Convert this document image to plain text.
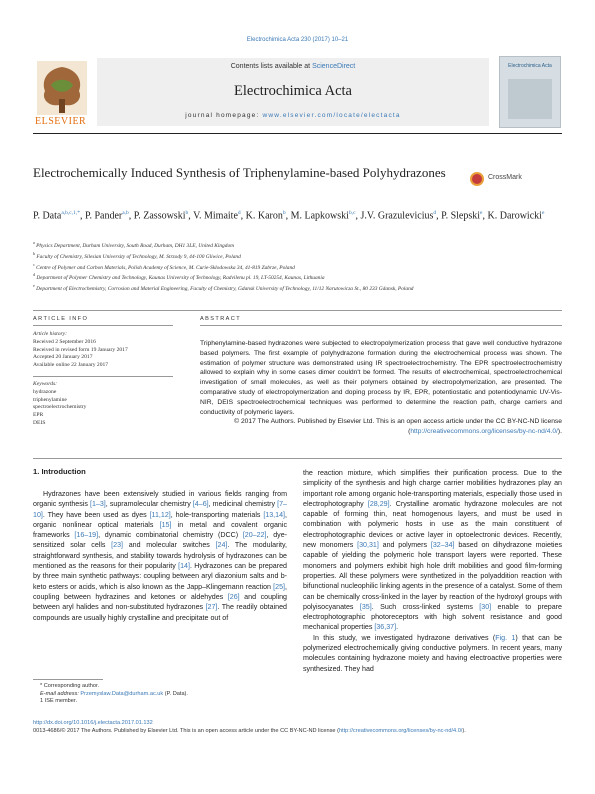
Electrochimica Acta 230 (2017) 10–21
ELSEVIER
Contents lists available at ScienceDirect
Electrochimica Acta
journal homepage: www.elsevier.com/locate/electacta
Electrochimica Acta
Electrochemically Induced Synthesis of Triphenylamine-based Polyhydrazones	CrossMark
P. Data$^{a,b,c,1,*}$, P. Pander$^{a,b}$, P. Zassowski$^b$, V. Mimaite$^d$, K. Karon$^b$, M. Lapkowski$^{b,c}$, J.V. Grazulevicius$^d$, P. Slepski$^e$, K. Darowicki$^e$
$^a$ Physics Department, Durham University, South Road, Durham, DH1 3LE, United Kingdom
$^b$ Faculty of Chemistry, Silesian University of Technology, M. Strzody 9, 44-100 Gliwice, Poland
$^c$ Centre of Polymer and Carbon Materials, Polish Academy of Science, M. Curie-Sklodowska 34, 41-819 Zabrze, Poland
$^d$ Department of Polymer Chemistry and Technology, Kaunas University of Technology, Radvilenu pl. 19, LT-50254, Kaunas, Lithuania
$^e$ Department of Electrochemistry, Corrosion and Material Engineering, Faculty of Chemistry, Gdansk University of Technology, 11/12 Narutowicza St., 80 233 Gdansk, Poland
ARTICLE INFO	ABSTRACT
Article history:
Received 2 September 2016
Received in revised form 19 January 2017
Accepted 20 January 2017
Available online 22 January 2017
Keywords:
hydrazone
triphenylamine
spectroelectrochemistry
EPR
DEIS

Triphenylamine-based hydrazones were subjected to electropolymerization process that gave well conductive hydrazone based polymers. The first example of polyhydrazone formation during the electrochemical process was shown. The estimation of polymer structure was demonstrated using IR spectroelectrochemistry. The EPR spectroelectrochemistry allowed to explain why in some cases dimer couldn't be formed. The results of electrochemical, spectroelectrochemical investigation of small molecules, as well as their polymers obtained by electropolymerization, are presented. The comparative study of electropolymerization and doping process by IR, EPR, potentiostatic and potentiodynamic UV-Vis-NIR, DEIS spectroelectrochemical techniques was performed to determine the reaction path, charge carriers and conductivity of polymeric layers.

© 2017 The Authors. Published by Elsevier Ltd. This is an open access article under the CC BY-NC-ND license (http://creativecommons.org/licenses/by-nc-nd/4.0/).

1. Introduction

Hydrazones have been extensively studied in various fields ranging from organic synthesis [1–3], supramolecular chemistry [4–6], medicinal chemistry [7–10]. They have been used as dyes [11,12], hole-transporting materials [13,14], organic nonlinear optical materials [15] in metal and covalent organic frameworks [16–19], dynamic combinatorial chemistry (DCC) [20–22], dye-sensitized solar cells [23] and molecular switches [24]. The modularity, straightforward synthesis, and stability towards hydrolysis of hydrazones can be mentioned as the reasons for their popularity [14]. Hydrazones can be prepared by three main synthetic pathways: coupling between aryl diazonium salts and b-keto esters or acids, which is also known as the Japp–Klingemann reaction [25], coupling between hydrazines and ketones or aldehydes [26] and coupling between aryl halides and non-substituted hydrazones [27]. The readily obtained compounds are usually highly crystalline and precipitate out of

the reaction mixture, which simplifies their purification process. Due to the simplicity of the synthesis and high charge carrier mobilities hydrazones play an important role among organic hole-transporting materials, especially those used in electrophotography [28,29]. Crystalline aromatic hydrazone molecules are not capable of forming thin, neat homogenous layers, and must be used in combination with polymeric hosts in use as the main constituent of electrophotographic devices or active layer in optoelectronic devices. Recently, new monomers [30,31] and polymers [32–34] based on dihydrazone moieties capable of yielding the polymeric hole transport layers were reported. These monomers and polymers exhibit high hole drift mobilities and good film-forming properties. All these polymers were synthetized in the polyaddition reaction with bifunctional nucleophilic linking agents in the presence of a catalyst. Some of them can be chemically cross-linked in the layer by reaction of the hydroxyl groups with polyisocyanates [35]. Such cross-linked systems [30] enable to prepare electrophotographic photoreceptors with high solvent resistance and good mechanical properties [36,37].

In this study, we investigated hydrazone derivatives (Fig. 1) that can be polymerized electrochemically giving conductive polymers. In recent years, many molecules containing hydrazone moiety and having electroactive properties were synthesized. They had

* Corresponding author.
E-mail address: Przemyslaw.Data@durham.ac.uk (P. Data).
1 ISE member.
http://dx.doi.org/10.1016/j.electacta.2017.01.132
0013-4686/© 2017 The Authors. Published by Elsevier Ltd. This is an open access article under the CC BY-NC-ND license (http://creativecommons.org/licenses/by-nc-nd/4.0/).
